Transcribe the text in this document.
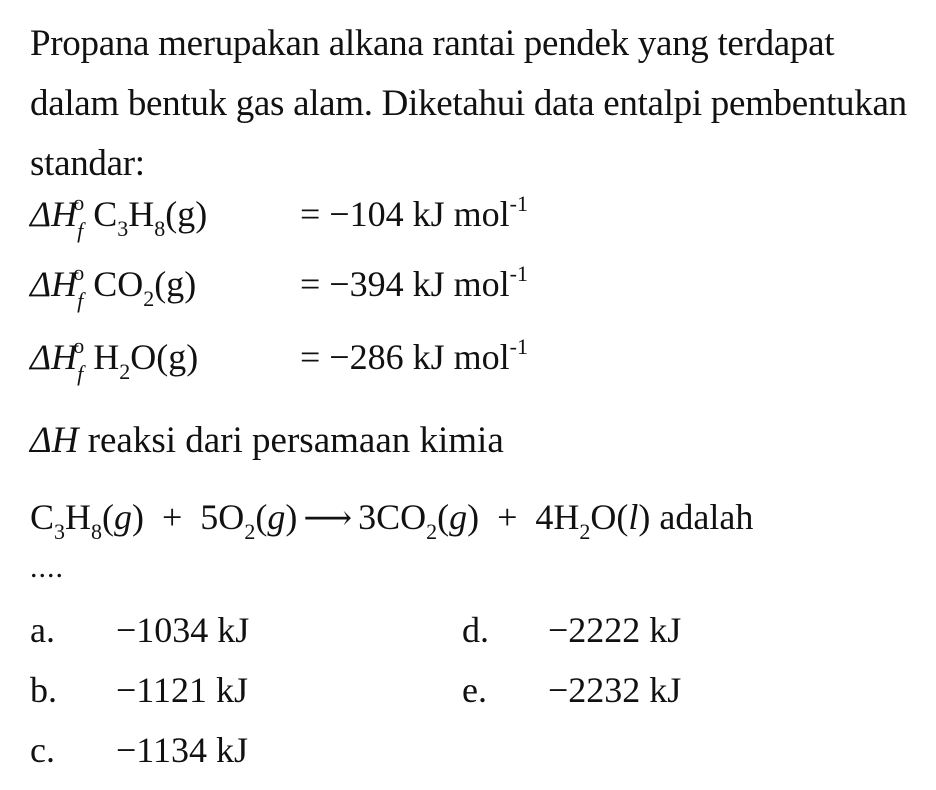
Propana merupakan alkana rantai pendek yang terdapat dalam bentuk gas alam. Diketahui data entalpi pembentukan standar:
$\Delta H_f^o$ $C_3H_8(g)$	= −104 kJ mol$^{-1}$
$\Delta H_f^o$ $CO_2(g)$	= −394 kJ mol$^{-1}$
$\Delta H_f^o$ $H_2O(g)$	= −286 kJ mol$^{-1}$
ΔH reaksi dari persamaan kimia
$C_3H_8(g) + 5O_2(g)$ ⟶ $3CO_2(g) + 4H_2O(l)$ adalah
....
a. −1034 kJ
b. −1121 kJ
c. −1134 kJ
d. −2222 kJ
e. −2232 kJ
